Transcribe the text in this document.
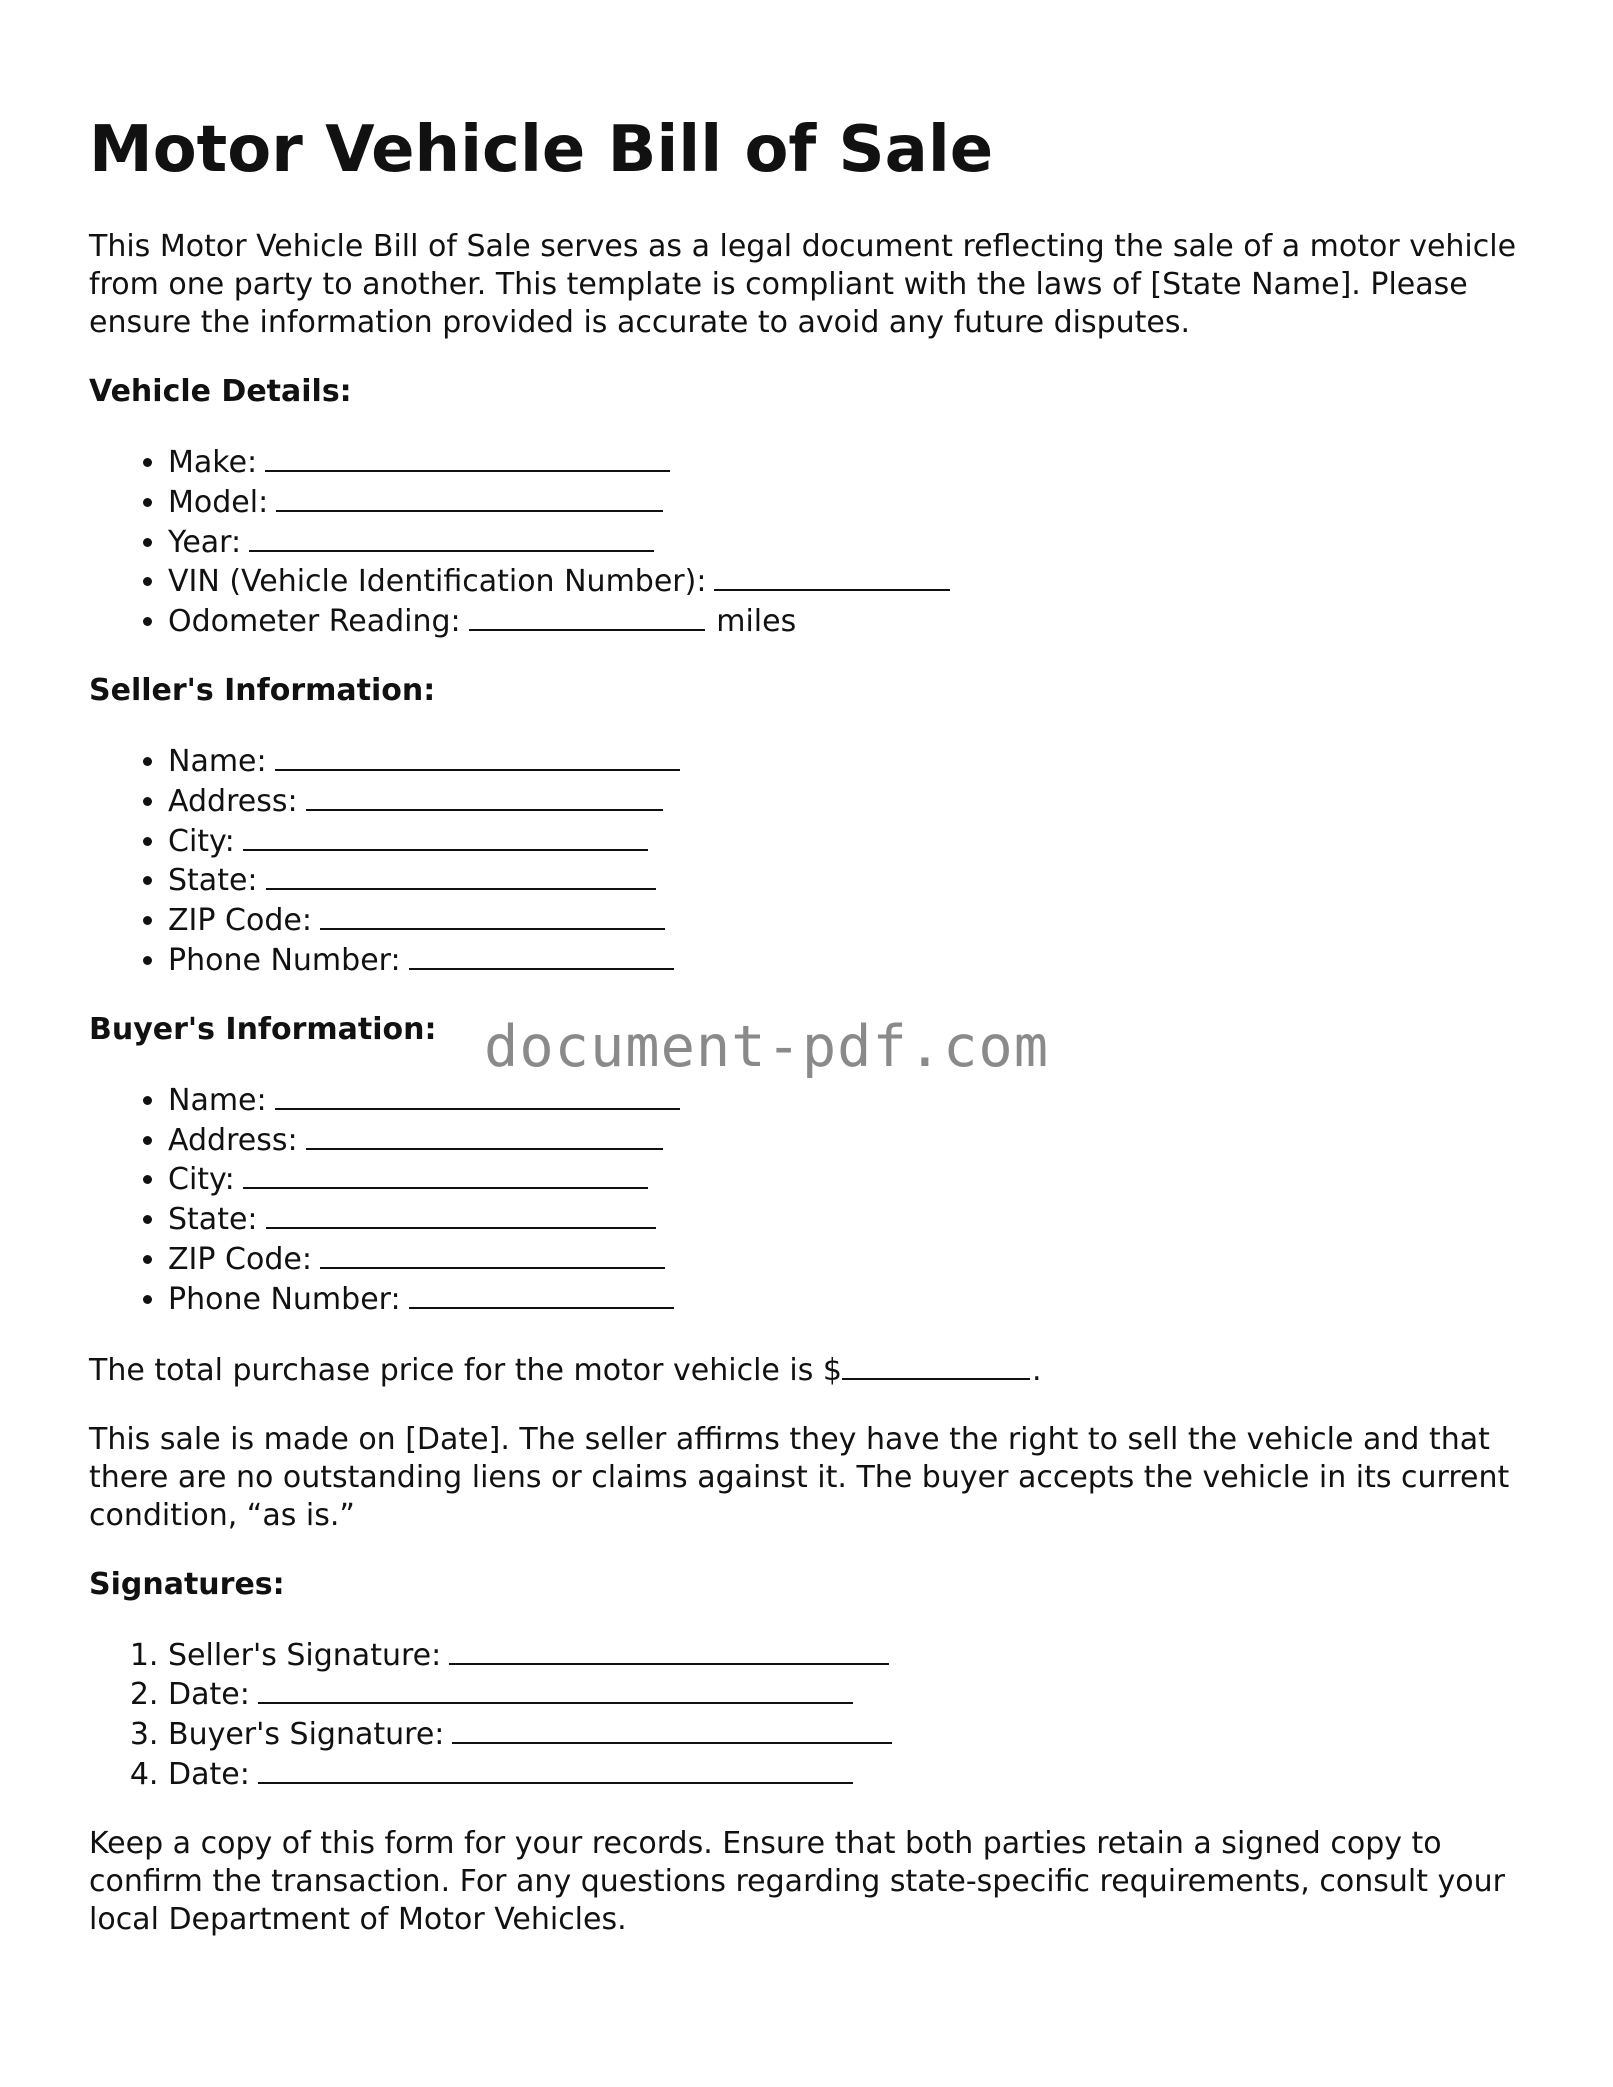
Motor Vehicle Bill of Sale

This Motor Vehicle Bill of Sale serves as a legal document reflecting the sale of a motor vehicle from one party to another. This template is compliant with the laws of [State Name]. Please ensure the information provided is accurate to avoid any future disputes.

Vehicle Details:
• Make:
• Model:
• Year:
• VIN (Vehicle Identification Number):
• Odometer Reading:	miles
Seller's Information:
• Name:
• Address:
• City:
• State:
• ZIP Code:
• Phone Number:
Buyer's Information:
• Name:
• Address:
• City:
• State:
• ZIP Code:
• Phone Number:

The total purchase price for the motor vehicle is $	.

This sale is made on [Date]. The seller affirms they have the right to sell the vehicle and that there are no outstanding liens or claims against it. The buyer accepts the vehicle in its current condition, “as is.”

Signatures:
1. Seller's Signature:
2. Date:
3. Buyer's Signature:
4. Date:

Keep a copy of this form for your records. Ensure that both parties retain a signed copy to confirm the transaction. For any questions regarding state-specific requirements, consult your local Department of Motor Vehicles.

document-pdf.com
